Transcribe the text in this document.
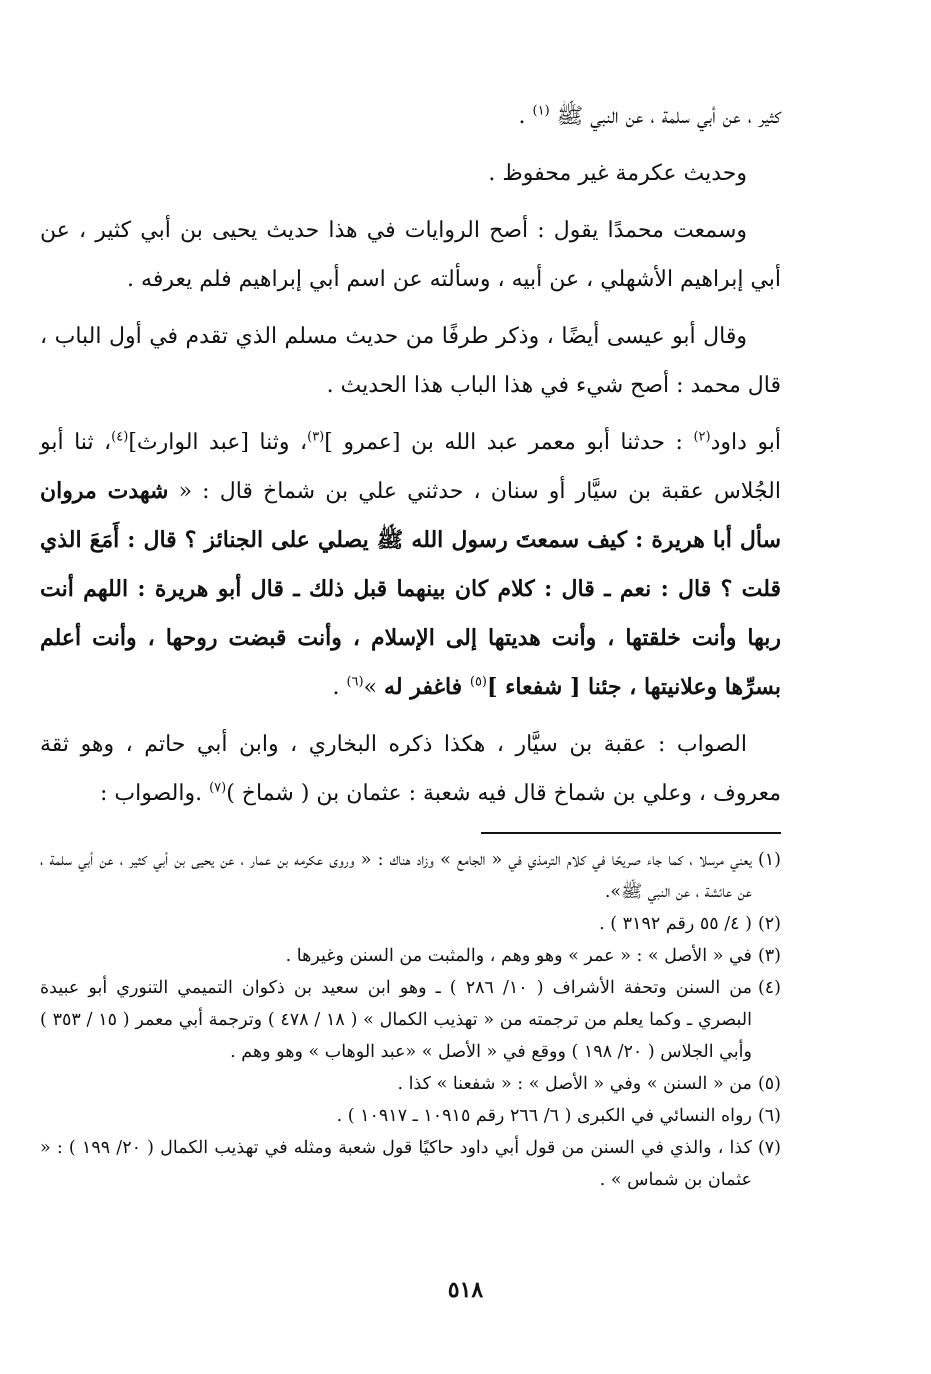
كثير ، عن أبي سلمة ، عن النبي ﷺ $^{(١)}$ .

وحديث عكرمة غير محفوظ .

وسمعت محمدًا يقول : أصح الروايات في هذا حديث يحيى بن أبي كثير ، عن أبي إبراهيم الأشهلي ، عن أبيه ، وسألته عن اسم أبي إبراهيم فلم يعرفه .

وقال أبو عيسى أيضًا ، وذكر طرفًا من حديث مسلم الذي تقدم في أول الباب ، قال محمد : أصح شيء في هذا الباب هذا الحديث .

أبو داود$^{(٢)}$ : حدثنا أبو معمر عبد الله بن [عمرو ]$^{(٣)}$، وثنا [عبد الوارث]$^{(٤)}$، ثنا أبو الجُلاس عقبة بن سيَّار أو سنان ، حدثني علي بن شماخ قال : « شهدت مروان سأل أبا هريرة : كيف سمعتَ رسول الله ﷺ يصلي على الجنائز ؟ قال : أَمَعَ الذي قلت ؟ قال : نعم ـ قال : كلام كان بينهما قبل ذلك ـ قال أبو هريرة : اللهم أنت ربها وأنت خلقتها ، وأنت هديتها إلى الإسلام ، وأنت قبضت روحها ، وأنت أعلم بسرِّها وعلانيتها ، جئنا [ شفعاء ]$^{(٥)}$ فاغفر له »$^{(٦)}$ .

الصواب : عقبة بن سيَّار ، هكذا ذكره البخاري ، وابن أبي حاتم ، وهو ثقة معروف ، وعلي بن شماخ قال فيه شعبة : عثمان بن ( شماخ )$^{(٧)}$ .والصواب :

(١)
يعني مرسلا ، كما جاء صريحًا في كلام الترمذي في « الجامع » وزاد هناك : « وروى عكرمه بن عمار ، عن يحيى بن أبي كثير ، عن أبي سلمة ، عن عائشة ، عن النبي ﷺ».

(٢)
( ٤/ ٥٥ رقم ٣١٩٢ ) .

(٣)
في « الأصل » : « عمر » وهو وهم ، والمثبت من السنن وغيرها .

(٤)
من السنن وتحفة الأشراف ( ١٠/ ٢٨٦ ) ـ وهو ابن سعيد بن ذكوان التميمي التنوري أبو عبيدة البصري ـ وكما يعلم من ترجمته من « تهذيب الكمال » ( ١٨ / ٤٧٨ ) وترجمة أبي معمر ( ١٥ / ٣٥٣ ) وأبي الجلاس ( ٢٠/ ١٩٨ ) ووقع في « الأصل » «عبد الوهاب » وهو وهم .

(٥)
من « السنن » وفي « الأصل » : « شفعنا » كذا .

(٦)
رواه النسائي في الكبرى ( ٦/ ٢٦٦ رقم ١٠٩١٥ ـ ١٠٩١٧ ) .

(٧)
كذا ، والذي في السنن من قول أبي داود حاكيًا قول شعبة ومثله في تهذيب الكمال ( ٢٠/ ١٩٩ ) : « عثمان بن شماس » .

٥١٨
